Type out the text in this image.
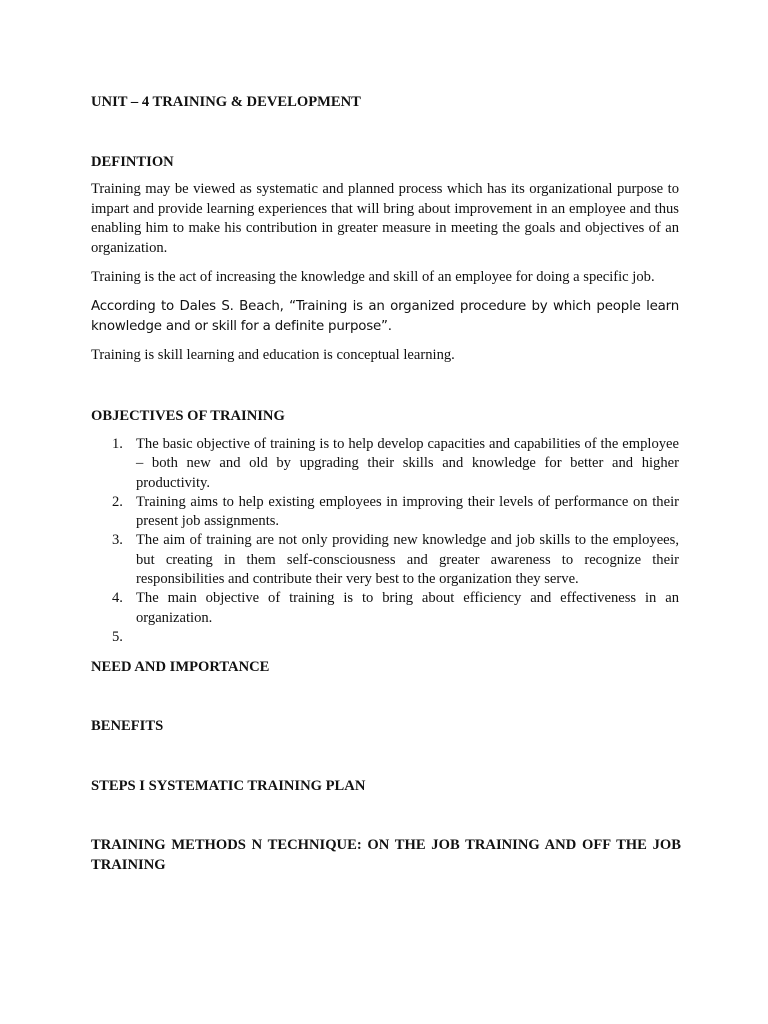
UNIT – 4 TRAINING & DEVELOPMENT
DEFINTION

Training may be viewed as systematic and planned process which has its organizational purpose to impart and provide learning experiences that will bring about improvement in an employee and thus enabling him to make his contribution in greater measure in meeting the goals and objectives of an organization.

Training is the act of increasing the knowledge and skill of an employee for doing a specific job.

According to Dales S. Beach, “Training is an organized procedure by which people learn knowledge and or skill for a definite purpose”.

Training is skill learning and education is conceptual learning.

OBJECTIVES OF TRAINING
1. The basic objective of training is to help develop capacities and capabilities of the employee – both new and old by upgrading their skills and knowledge for better and higher productivity.
2. Training aims to help existing employees in improving their levels of performance on their present job assignments.
3. The aim of training are not only providing new knowledge and job skills to the employees, but creating in them self-consciousness and greater awareness to recognize their responsibilities and contribute their very best to the organization they serve.
4. The main objective of training is to bring about efficiency and effectiveness in an organization.
5.
NEED AND IMPORTANCE
BENEFITS
STEPS I SYSTEMATIC TRAINING PLAN
TRAINING METHODS N TECHNIQUE: ON THE JOB TRAINING AND OFF THE JOB TRAINING
